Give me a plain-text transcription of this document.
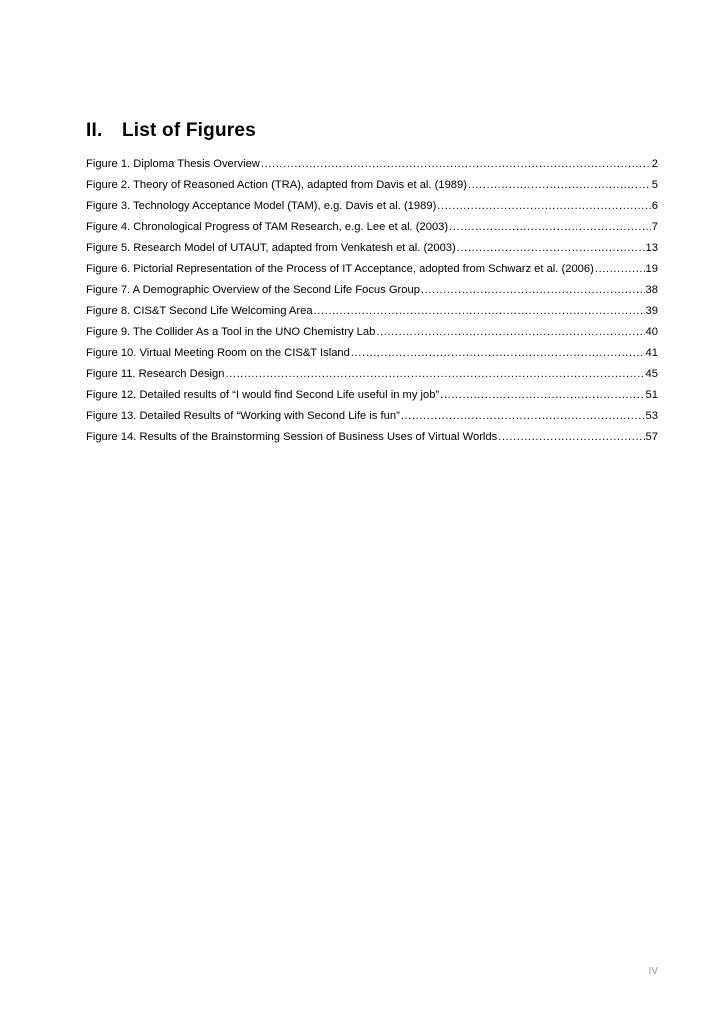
II. List of Figures
Figure 1. Diploma Thesis Overview .....	2
Figure 2. Theory of Reasoned Action (TRA), adapted from Davis et al. (1989) .....	5
Figure 3. Technology Acceptance Model (TAM), e.g. Davis et al. (1989) .....	6
Figure 4. Chronological Progress of TAM Research, e.g. Lee et al. (2003) .....	7
Figure 5. Research Model of UTAUT, adapted from Venkatesh et al. (2003) .....	13
Figure 6. Pictorial Representation of the Process of IT Acceptance, adopted from Schwarz et al. (2006) .....	19
Figure 7. A Demographic Overview of the Second Life Focus Group .....	38
Figure 8. CIS&T Second Life Welcoming Area .....	39
Figure 9. The Collider As a Tool in the UNO Chemistry Lab .....	40
Figure 10. Virtual Meeting Room on the CIS&T Island .....	41
Figure 11. Research Design .....	45
Figure 12. Detailed results of “I would find Second Life useful in my job” .....	51
Figure 13. Detailed Results of “Working with Second Life is fun” .....	53
Figure 14. Results of the Brainstorming Session of Business Uses of Virtual Worlds .....	57
IV
